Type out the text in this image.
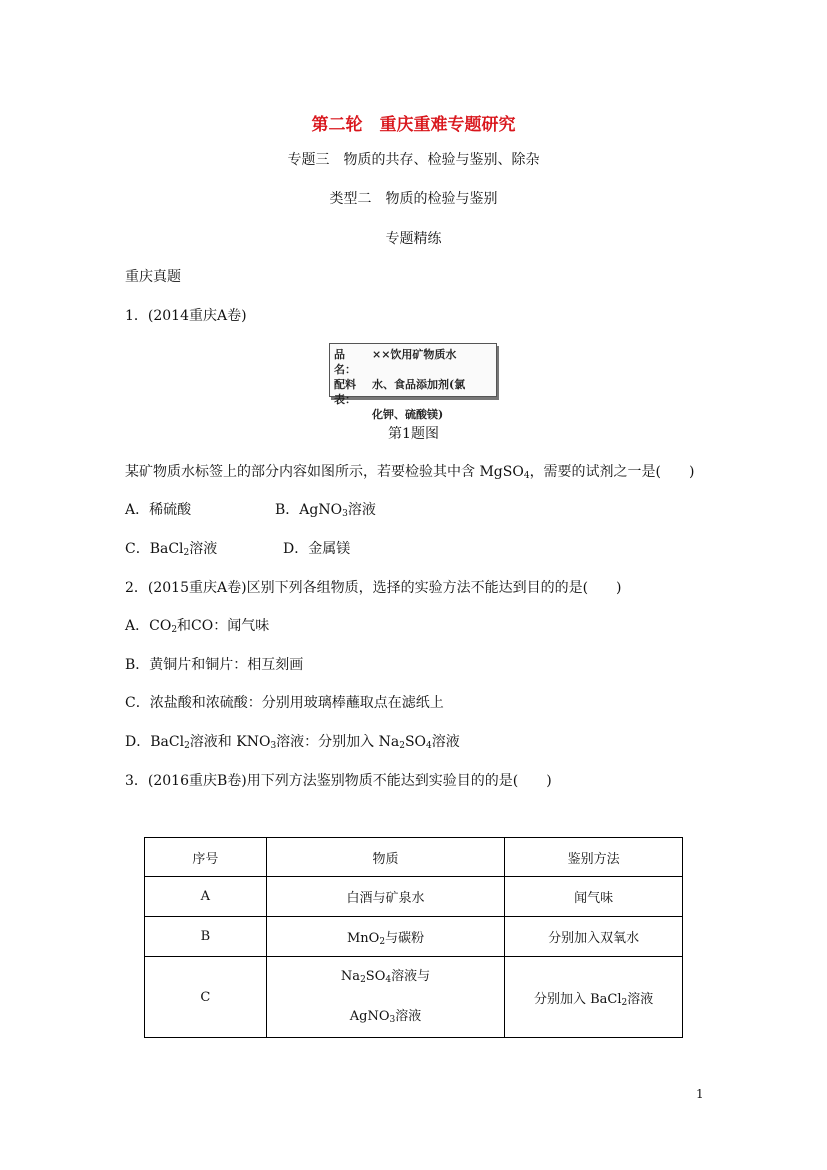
第二轮　重庆重难专题研究
专题三　物质的共存、检验与鉴别、除杂
类型二　物质的检验与鉴别
专题精练
重庆真题
1．(2014重庆A卷)
品　名：
××饮用矿物质水
配料表：
水、食品添加剂(氯
化钾、硫酸镁)
第1题图
某矿物质水标签上的部分内容如图所示，若要检验其中含 MgSO$_4$，需要的试剂之一是(　　)
A．稀硫酸	B．AgNO$_3$溶液
C．BaCl$_2$溶液	D．金属镁
2．(2015重庆A卷)区别下列各组物质，选择的实验方法不能达到目的的是(　　)
A．$CO_2$和CO：闻气味
B．黄铜片和铜片：相互刻画
C．浓盐酸和浓硫酸：分别用玻璃棒蘸取点在滤纸上
D．BaCl$_2$溶液和 $KNO_3$溶液：分别加入 $Na_2SO_4$溶液
3．(2016重庆B卷)用下列方法鉴别物质不能达到实验目的的是(　　)
序号	物质	鉴别方法
A	白酒与矿泉水	闻气味
B	MnO$_2$与碳粉	分别加入双氧水
C	$Na_2SO_4$溶液与
AgNO$_3$溶液	分别加入 BaCl$_2$溶液
1
